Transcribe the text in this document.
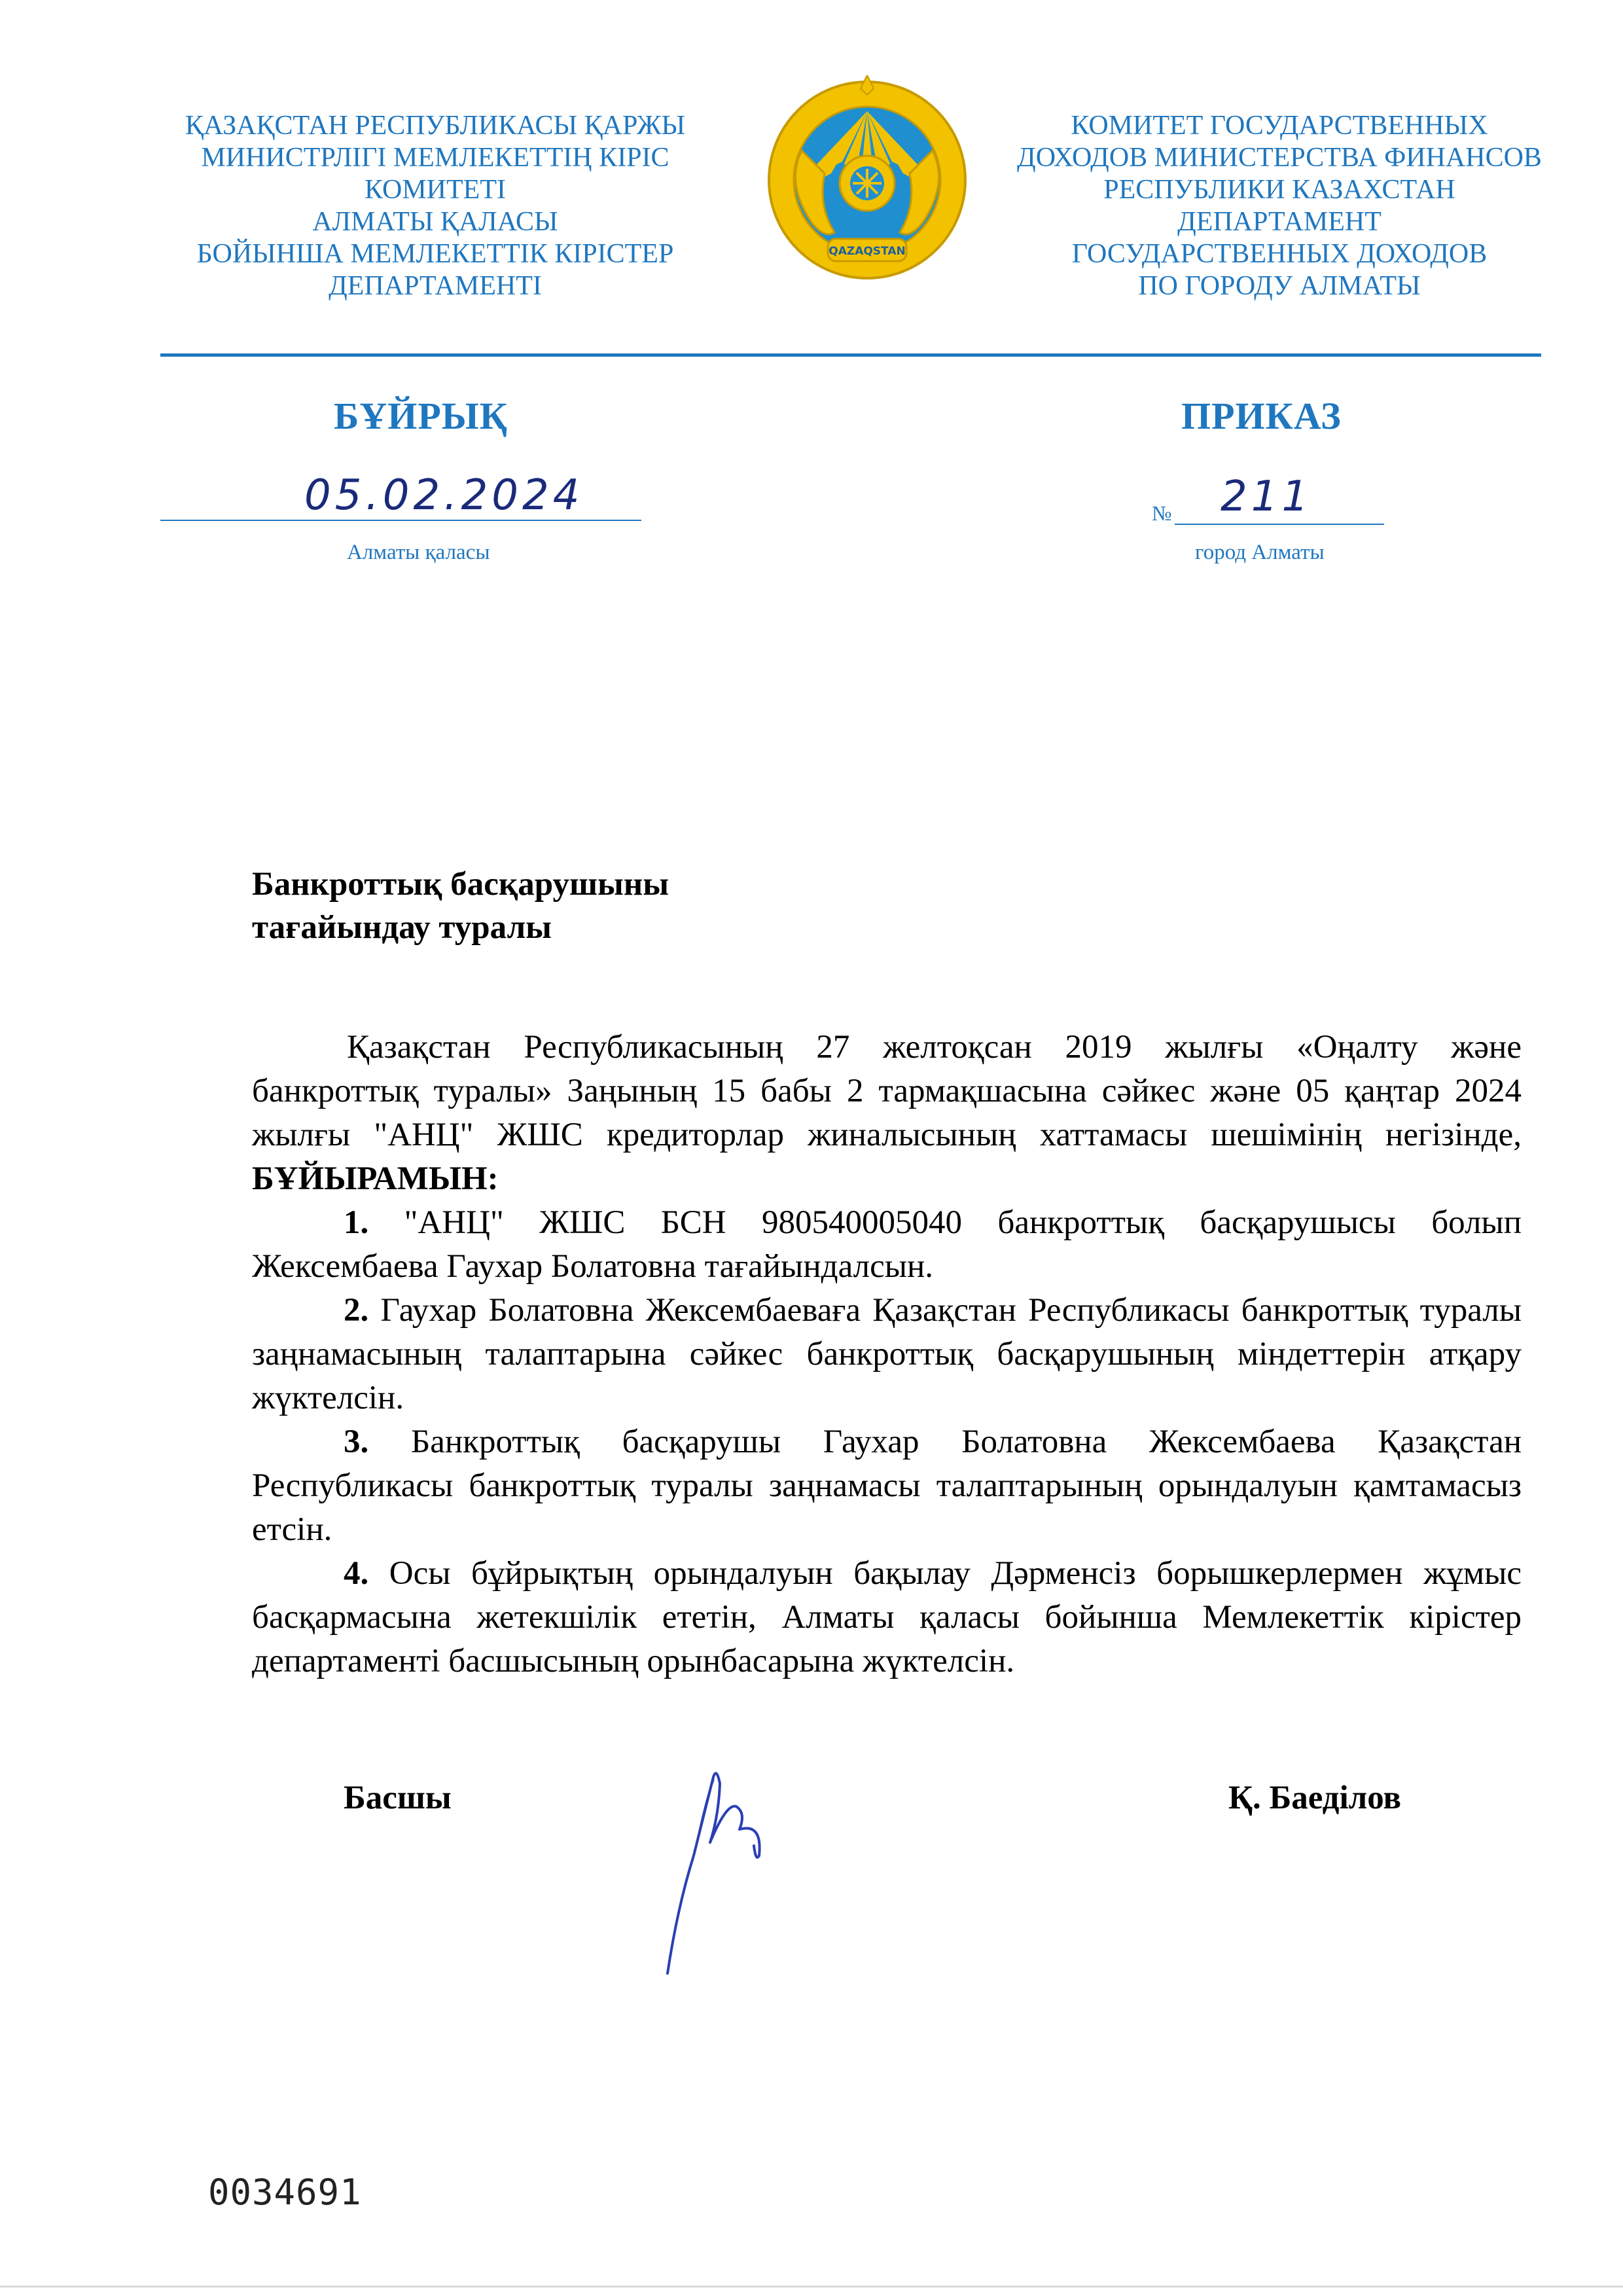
ҚАЗАҚСТАН РЕСПУБЛИКАСЫ ҚАРЖЫ
МИНИСТРЛІГІ МЕМЛЕКЕТТІҢ КІРІС
КОМИТЕТІ
АЛМАТЫ ҚАЛАСЫ
БОЙЫНША МЕМЛЕКЕТТІК КІРІСТЕР
ДЕПАРТАМЕНТІ
QAZAQSTAN
КОМИТЕТ ГОСУДАРСТВЕННЫХ
ДОХОДОВ МИНИСТЕРСТВА ФИНАНСОВ
РЕСПУБЛИКИ КАЗАХСТАН
ДЕПАРТАМЕНТ
ГОСУДАРСТВЕННЫХ ДОХОДОВ
ПО ГОРОДУ АЛМАТЫ
БҰЙРЫҚ	ПРИКАЗ
05.02.2024	№ 211
Алматы қаласы	город Алматы
Банкроттық басқарушыны
тағайындау туралы

Қазақстан Республикасының 27 желтоқсан 2019 жылғы «Оңалту және банкроттық туралы» Заңының 15 бабы 2 тармақшасына сәйкес және 05 қаңтар 2024 жылғы "АНЦ" ЖШС кредиторлар жиналысының хаттамасы шешімінің негізінде, БҰЙЫРАМЫН:

1. "АНЦ" ЖШС БСН 980540005040 банкроттық басқарушысы болып Жексембаева Гаухар Болатовна тағайындалсын.

2. Гаухар Болатовна Жексембаеваға Қазақстан Республикасы банкроттық туралы заңнамасының талаптарына сәйкес банкроттық басқарушының міндеттерін атқару жүктелсін.

3. Банкроттық басқарушы Гаухар Болатовна Жексембаева Қазақстан Республикасы банкроттық туралы заңнамасы талаптарының орындалуын қамтамасыз етсін.

4. Осы бұйрықтың орындалуын бақылау Дәрменсіз борышкерлермен жұмыс басқармасына жетекшілік ететін, Алматы қаласы бойынша Мемлекеттік кірістер департаменті басшысының орынбасарына жүктелсін.

Басшы	Қ. Баеділов
0034691
